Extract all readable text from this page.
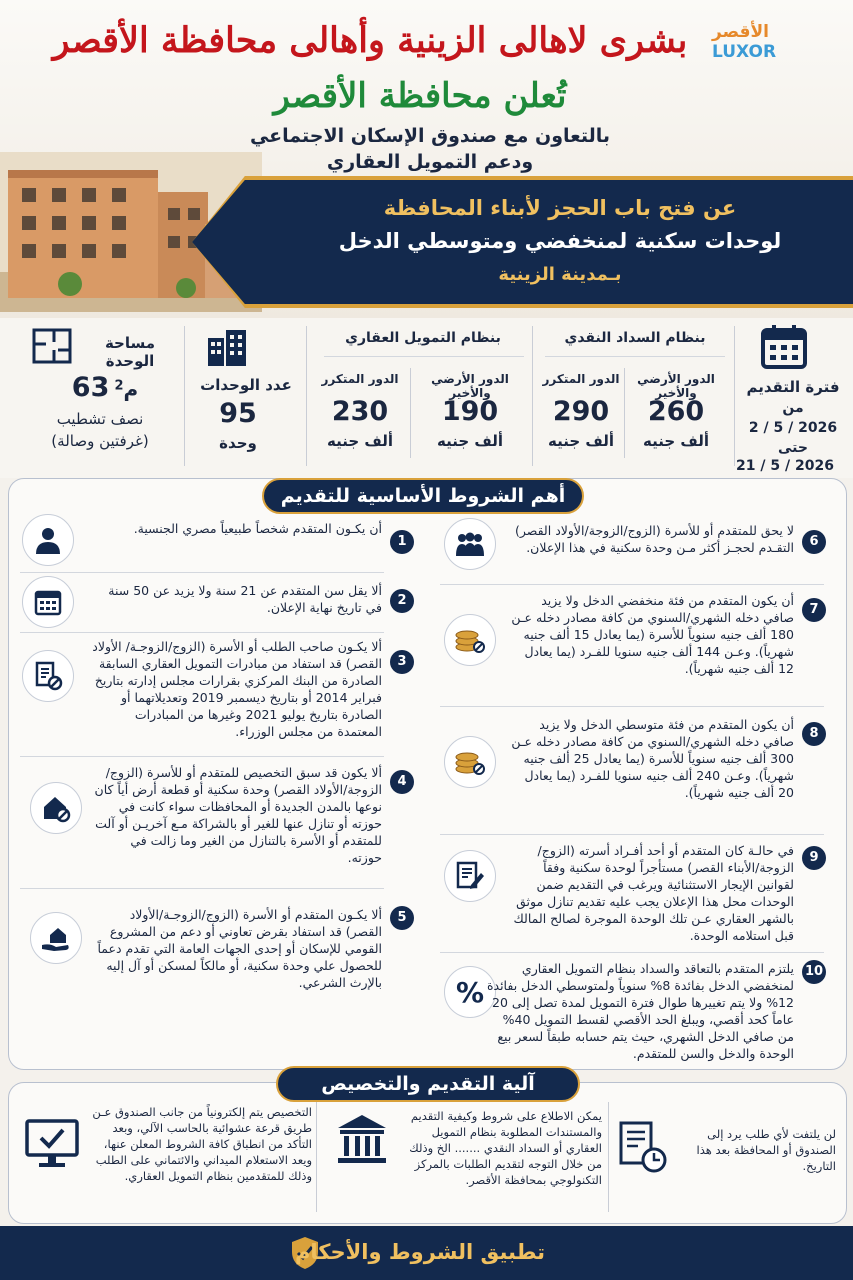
الأقصر LUXOR
بشرى لاهالى الزينية وأهالى محافظة الأقصر
تُعلن محافظة الأقصر
بالتعاون مع صندوق الإسكان الاجتماعي
ودعم التمويل العقاري
عن فتح باب الحجز لأبناء المحافظة
لوحدات سكنية لمنخفضي ومتوسطي الدخل
بـمدينة الزينية
فترة التقديم
من
2 / 5 / 2026
حتى
21 / 5 / 2026
بنظام السداد النقدي
الدور الأرضي والأخير
260
ألف جنيه
الدور المتكرر
290
ألف جنيه
بنظام التمويل العقاري
الدور الأرضي والأخير
190
ألف جنيه
الدور المتكرر
230
ألف جنيه
عدد الوحدات
95
وحدة
مساحة الوحدة
63 م$^2$
نصف تشطيب
(غرفتين وصالة)
أهم الشروط الأساسية للتقديم
1
أن يكـون المتقدم شخصاً طبيعياً مصري الجنسية.
2
ألا يقل سن المتقدم عن 21 سنة ولا يزيد عن 50 سنة في تاريخ نهاية الإعلان.
3
ألا يكـون صاحب الطلب أو الأسرة (الزوج/الزوجـة/ الأولاد القصر) قد استفاد من مبادرات التمويل العقاري السابقة الصادرة من البنك المركزي بقرارات مجلس إدارته بتاريخ فبراير 2014 أو بتاريخ ديسمبر 2019 وتعديلاتهما أو الصادرة بتاريخ يوليو 2021 وغيرها من المبادرات المعتمدة من مجلس الوزراء.
4
ألا يكون قد سبق التخصيص للمتقدم أو للأسرة (الزوج/الزوجة/الأولاد القصر) وحدة سكنية أو قطعة أرض أياً كان نوعها بالمدن الجديدة أو المحافظات سواء كانت في حوزته أو تنازل عنها للغير أو بالشراكة مـع آخريـن أو آلت للمتقدم أو الأسرة بالتنازل من الغير وما زالت في حوزته.
5
ألا يكـون المتقدم أو الأسرة (الزوج/الزوجـة/الأولاد القصر) قد استفاد بقرض تعاوني أو دعم من المشروع القومي للإسكان أو إحدى الجهات العامة التي تقدم دعماً للحصول علي وحدة سكنية، أو مالكاً لمسكن أو آل إليه بالإرث الشرعي.
6
لا يحق للمتقدم أو للأسرة (الزوج/الزوجة/الأولاد القصر) التقـدم لحجـز أكثر مـن وحدة سكنية في هذا الإعلان.
7
أن يكون المتقدم من فئة منخفضي الدخل ولا يزيد صافي دخله الشهري/السنوي من كافة مصادر دخله عـن 180 ألف جنيه سنوياً للأسرة (يما يعادل 15 ألف جنيه شهرياً). وعـن 144 ألف جنيه سنويا للفـرد (يما يعادل 12 ألف جنيه شهرياً).
8
أن يكون المتقدم من فئة متوسطي الدخل ولا يزيد صافي دخله الشهري/السنوي من كافة مصادر دخله عـن 300 ألف جنيه سنوياً للأسرة (يما يعادل 25 ألف جنيه شهرياً). وعـن 240 ألف جنيه سنويا للفـرد (يما يعادل 20 ألف جنيه شهرياً).
9
في حالـة كان المتقدم أو أحد أفـراد أسرته (الزوج/ الزوجة/الأبناء القصر) مستأجراً لوحدة سكنية وفقاً لقوانين الإيجار الاستثنائية ويرغب في التقديم ضمن الوحدات محل هذا الإعلان يجب عليه تقديم تنازل موثق بالشهر العقاري عـن تلك الوحدة الموجرة لصالح المالك قبل استلامه الوحدة.
10
%
يلتزم المتقدم بالتعاقد والسداد بنظام التمويل العقاري لمنخفضي الدخل بفائدة 8% سنوياً ولمتوسطي الدخل بفائدة 12% ولا يتم تغييرها طوال فترة التمويل لمدة تصل إلى 20 عاماً كحد أقصي، ويبلغ الحد الأقصي لقسط التمويل 40% من صافي الدخل الشهري، حيث يتم حسابه طبقاً لسعر بيع الوحدة والدخل والسن للمتقدم.
آلية التقديم والتخصيص
لن يلتفت لأي طلب يرد إلى الصندوق أو المحافظة بعد هذا التاريخ.
يمكن الاطلاع على شروط وكيفية التقديم والمستندات المطلوبة بنظام التمويل العقاري أو السداد النقدي ....... الخ وذلك من خلال التوجه لتقديم الطلبات بالمركز التكنولوجي بمحافظة الأقصر.
التخصيص يتم إلكترونياً من جانب الصندوق عـن طريق قرعة عشوائية بالحاسب الآلي، وبعد التأكد من انطباق كافة الشروط المعلن عنها، ويعد الاستعلام الميداني والائتماني على الطلب وذلك للمتقدمين بنظام التمويل العقاري.
تطبيق الشروط والأحكام
